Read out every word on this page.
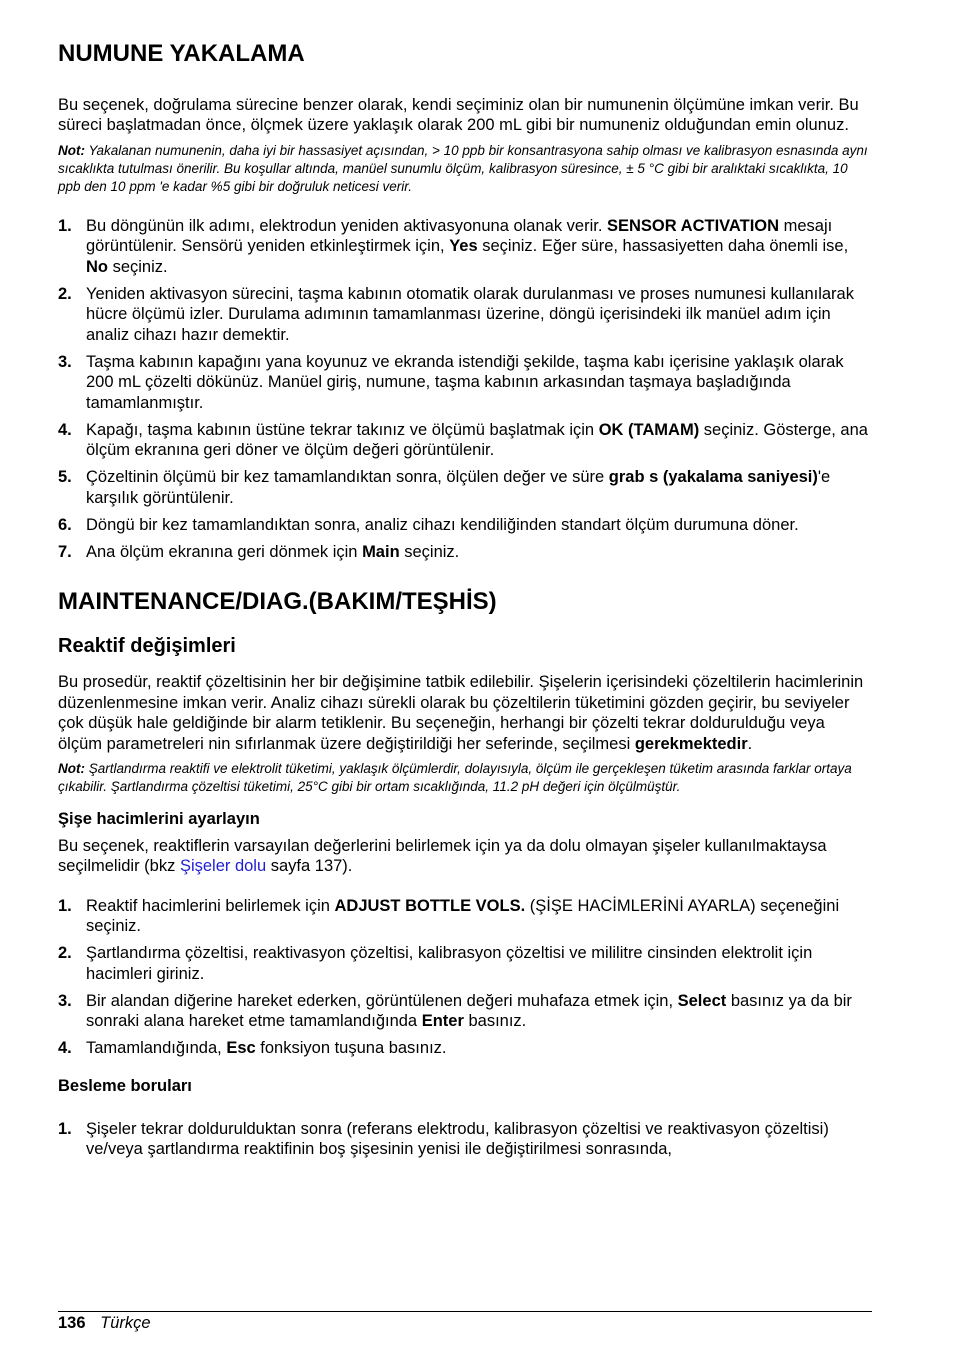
NUMUNE YAKALAMA

Bu seçenek, doğrulama sürecine benzer olarak, kendi seçiminiz olan bir numunenin ölçümüne imkan verir. Bu süreci başlatmadan önce, ölçmek üzere yaklaşık olarak 200 mL gibi bir numuneniz olduğundan emin olunuz.

Not: Yakalanan numunenin, daha iyi bir hassasiyet açısından, > 10 ppb bir konsantrasyona sahip olması ve kalibrasyon esnasında aynı sıcaklıkta tutulması önerilir. Bu koşullar altında, manüel sunumlu ölçüm, kalibrasyon süresince, ± 5 °C gibi bir aralıktaki sıcaklıkta, 10 ppb den 10 ppm 'e kadar %5 gibi bir doğruluk neticesi verir.

1. Bu döngünün ilk adımı, elektrodun yeniden aktivasyonuna olanak verir. SENSOR ACTIVATION mesajı görüntülenir. Sensörü yeniden etkinleştirmek için, Yes seçiniz. Eğer süre, hassasiyetten daha önemli ise, No seçiniz.
2. Yeniden aktivasyon sürecini, taşma kabının otomatik olarak durulanması ve proses numunesi kullanılarak hücre ölçümü izler. Durulama adımının tamamlanması üzerine, döngü içerisindeki ilk manüel adım için analiz cihazı hazır demektir.
3. Taşma kabının kapağını yana koyunuz ve ekranda istendiği şekilde, taşma kabı içerisine yaklaşık olarak 200 mL çözelti dökünüz. Manüel giriş, numune, taşma kabının arkasından taşmaya başladığında tamamlanmıştır.
4. Kapağı, taşma kabının üstüne tekrar takınız ve ölçümü başlatmak için OK (TAMAM) seçiniz. Gösterge, ana ölçüm ekranına geri döner ve ölçüm değeri görüntülenir.
5. Çözeltinin ölçümü bir kez tamamlandıktan sonra, ölçülen değer ve süre grab s (yakalama saniyesi)'e karşılık görüntülenir.
6. Döngü bir kez tamamlandıktan sonra, analiz cihazı kendiliğinden standart ölçüm durumuna döner.
7. Ana ölçüm ekranına geri dönmek için Main seçiniz.
MAINTENANCE/DIAG.(BAKIM/TEŞHİS)
Reaktif değişimleri

Bu prosedür, reaktif çözeltisinin her bir değişimine tatbik edilebilir. Şişelerin içerisindeki çözeltilerin hacimlerinin düzenlenmesine imkan verir. Analiz cihazı sürekli olarak bu çözeltilerin tüketimini gözden geçirir, bu seviyeler çok düşük hale geldiğinde bir alarm tetiklenir. Bu seçeneğin, herhangi bir çözelti tekrar doldurulduğu veya ölçüm parametreleri nin sıfırlanmak üzere değiştirildiği her seferinde, seçilmesi gerekmektedir.

Not: Şartlandırma reaktifi ve elektrolit tüketimi, yaklaşık ölçümlerdir, dolayısıyla, ölçüm ile gerçekleşen tüketim arasında farklar ortaya çıkabilir. Şartlandırma çözeltisi tüketimi, 25°C gibi bir ortam sıcaklığında, 11.2 pH değeri için ölçülmüştür.

Şişe hacimlerini ayarlayın

Bu seçenek, reaktiflerin varsayılan değerlerini belirlemek için ya da dolu olmayan şişeler kullanılmaktaysa seçilmelidir (bkz Şişeler dolu sayfa 137).

1. Reaktif hacimlerini belirlemek için ADJUST BOTTLE VOLS. (ŞİŞE HACİMLERİNİ AYARLA) seçeneğini seçiniz.
2. Şartlandırma çözeltisi, reaktivasyon çözeltisi, kalibrasyon çözeltisi ve mililitre cinsinden elektrolit için hacimleri giriniz.
3. Bir alandan diğerine hareket ederken, görüntülenen değeri muhafaza etmek için, Select basınız ya da bir sonraki alana hareket etme tamamlandığında Enter basınız.
4. Tamamlandığında, Esc fonksiyon tuşuna basınız.
Besleme boruları
1. Şişeler tekrar doldurulduktan sonra (referans elektrodu, kalibrasyon çözeltisi ve reaktivasyon çözeltisi) ve/veya şartlandırma reaktifinin boş şişesinin yenisi ile değiştirilmesi sonrasında,
136 Türkçe
